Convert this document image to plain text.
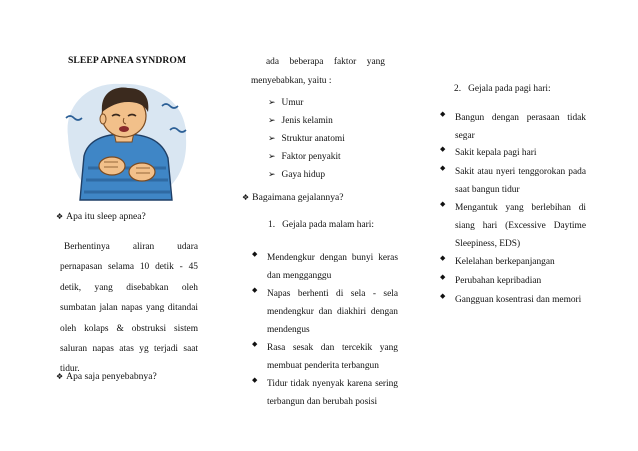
SLEEP APNEA SYNDROM
❖ Apa itu sleep apnea?
Berhentinya aliran udara pernapasan selama 10 detik - 45 detik, yang disebabkan oleh sumbatan jalan napas yang ditandai oleh kolaps & obstruksi sistem saluran napas atas yg terjadi saat tidur.
❖ Apa saja penyebabnya?
ada beberapa faktor yang menyebabkan, yaitu :
➢ Umur
➢ Jenis kelamin
➢ Struktur anatomi
➢ Faktor penyakit
➢ Gaya hidup
❖ Bagaimana gejalannya?
1.   Gejala pada malam hari:
◆ Mendengkur dengan bunyi keras dan mengganggu
◆ Napas berhenti di sela - sela mendengkur dan diakhiri dengan mendengus
◆ Rasa sesak dan tercekik yang membuat penderita terbangun
◆ Tidur tidak nyenyak karena sering terbangun dan berubah posisi
2.   Gejala pada pagi hari:
◆ Bangun dengan perasaan tidak segar
◆ Sakit kepala pagi hari
◆ Sakit atau nyeri tenggorokan pada saat bangun tidur
◆ Mengantuk yang berlebihan di siang hari (Excessive Daytime Sleepiness, EDS)
◆ Kelelahan berkepanjangan
◆ Perubahan kepribadian
◆ Gangguan kosentrasi dan memori
